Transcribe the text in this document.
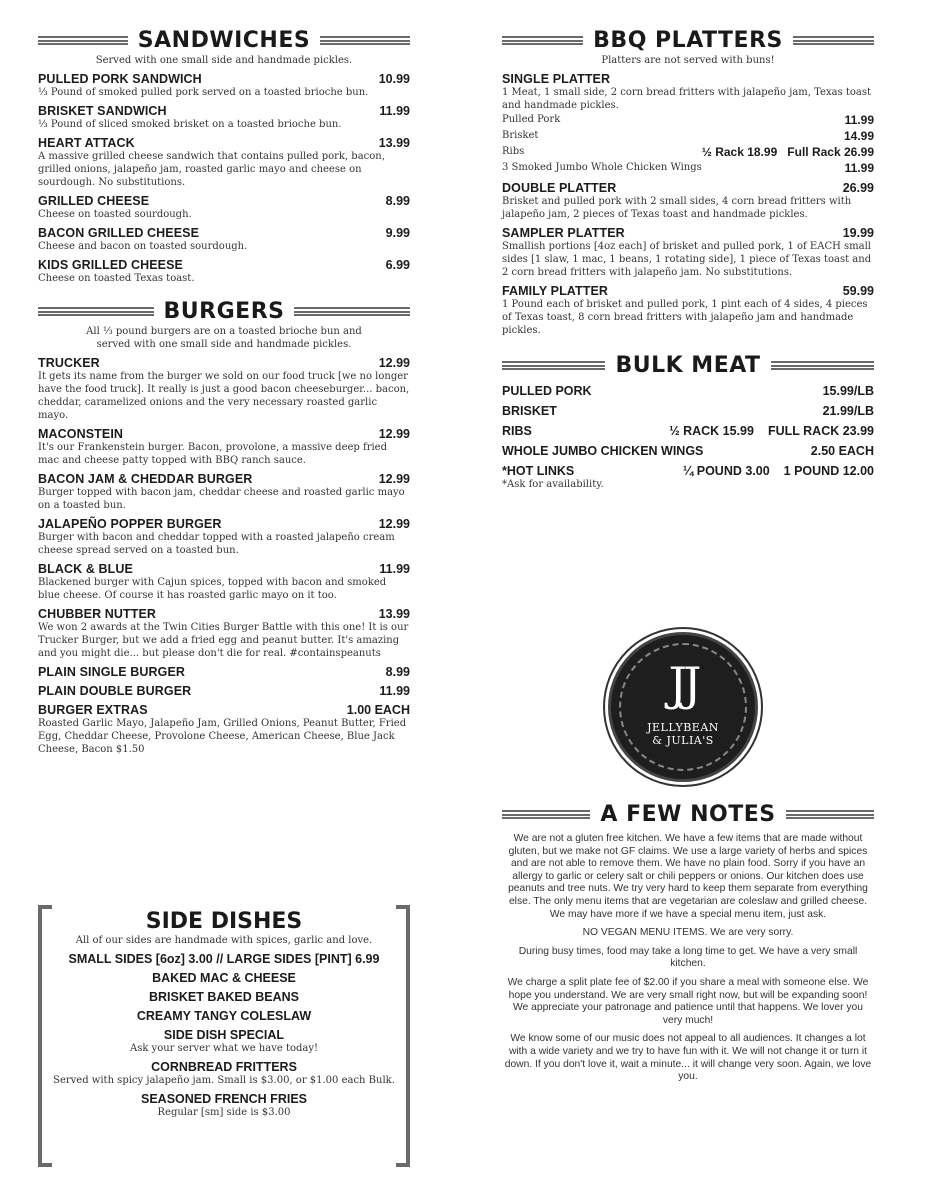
SANDWICHES
Served with one small side and handmade pickles.
PULLED PORK SANDWICH	10.99
⅓ Pound of smoked pulled pork served on a toasted brioche bun.
BRISKET SANDWICH	11.99
⅓ Pound of sliced smoked brisket on a toasted brioche bun.
HEART ATTACK	13.99
A massive grilled cheese sandwich that contains pulled pork, bacon, grilled onions, jalapeño jam, roasted garlic mayo and cheese on sourdough. No substitutions.
GRILLED CHEESE	8.99
Cheese on toasted sourdough.
BACON GRILLED CHEESE	9.99
Cheese and bacon on toasted sourdough.
KIDS GRILLED CHEESE	6.99
Cheese on toasted Texas toast.
BURGERS
All ⅓ pound burgers are on a toasted brioche bun and served with one small side and handmade pickles.
TRUCKER	12.99
It gets its name from the burger we sold on our food truck [we no longer have the food truck]. It really is just a good bacon cheeseburger... bacon, cheddar, caramelized onions and the very necessary roasted garlic mayo.
MACONSTEIN	12.99
It's our Frankenstein burger. Bacon, provolone, a massive deep fried mac and cheese patty topped with BBQ ranch sauce.
BACON JAM & CHEDDAR BURGER	12.99
Burger topped with bacon jam, cheddar cheese and roasted garlic mayo on a toasted bun.
JALAPEÑO POPPER BURGER	12.99
Burger with bacon and cheddar topped with a roasted jalapeño cream cheese spread served on a toasted bun.
BLACK & BLUE	11.99
Blackened burger with Cajun spices, topped with bacon and smoked blue cheese. Of course it has roasted garlic mayo on it too.
CHUBBER NUTTER	13.99
We won 2 awards at the Twin Cities Burger Battle with this one! It is our Trucker Burger, but we add a fried egg and peanut butter. It's amazing and you might die... but please don't die for real. #containspeanuts
PLAIN SINGLE BURGER	8.99
PLAIN DOUBLE BURGER	11.99
BURGER EXTRAS	1.00 EACH
Roasted Garlic Mayo, Jalapeño Jam, Grilled Onions, Peanut Butter, Fried Egg, Cheddar Cheese, Provolone Cheese, American Cheese, Blue Jack Cheese, Bacon $1.50
SIDE DISHES
All of our sides are handmade with spices, garlic and love.
SMALL SIDES [6oz] 3.00 // LARGE SIDES [PINT] 6.99
BAKED MAC & CHEESE
BRISKET BAKED BEANS
CREAMY TANGY COLESLAW
SIDE DISH SPECIAL
Ask your server what we have today!
CORNBREAD FRITTERS
Served with spicy jalapeño jam. Small is $3.00, or $1.00 each Bulk.
SEASONED FRENCH FRIES
Regular [sm] side is $3.00
BBQ PLATTERS
Platters are not served with buns!
SINGLE PLATTER
1 Meat, 1 small side, 2 corn bread fritters with jalapeño jam, Texas toast and handmade pickles.
Pulled Pork	11.99
Brisket	14.99
Ribs	½ Rack 18.99 Full Rack 26.99
3 Smoked Jumbo Whole Chicken Wings	11.99
DOUBLE PLATTER	26.99
Brisket and pulled pork with 2 small sides, 4 corn bread fritters with jalapeño jam, 2 pieces of Texas toast and handmade pickles.
SAMPLER PLATTER	19.99
Smallish portions [4oz each] of brisket and pulled pork, 1 of EACH small sides [1 slaw, 1 mac, 1 beans, 1 rotating side], 1 piece of Texas toast and 2 corn bread fritters with jalapeño jam. No substitutions.
FAMILY PLATTER	59.99
1 Pound each of brisket and pulled pork, 1 pint each of 4 sides, 4 pieces of Texas toast, 8 corn bread fritters with jalapeño jam and handmade pickles.
BULK MEAT
PULLED PORK	15.99/LB
BRISKET	21.99/LB
RIBS	½ RACK 15.99 FULL RACK 23.99
WHOLE JUMBO CHICKEN WINGS	2.50 EACH
*HOT LINKS	¼ POUND 3.00 1 POUND 12.00
*Ask for availability.
JJ
JELLYBEAN
& JULIA'S
A FEW NOTES

We are not a gluten free kitchen. We have a few items that are made without gluten, but we make not GF claims. We use a large variety of herbs and spices and are not able to remove them. We have no plain food. Sorry if you have an allergy to garlic or celery salt or chili peppers or onions. Our kitchen does use peanuts and tree nuts. We try very hard to keep them separate from everything else. The only menu items that are vegetarian are coleslaw and grilled cheese. We may have more if we have a special menu item, just ask.

NO VEGAN MENU ITEMS. We are very sorry.

During busy times, food may take a long time to get. We have a very small kitchen.

We charge a split plate fee of $2.00 if you share a meal with someone else. We hope you understand. We are very small right now, but will be expanding soon! We appreciate your patronage and patience until that happens. We lover you very much!

We know some of our music does not appeal to all audiences. It changes a lot with a wide variety and we try to have fun with it. We will not change it or turn it down. If you don't love it, wait a minute... it will change very soon. Again, we love you.
